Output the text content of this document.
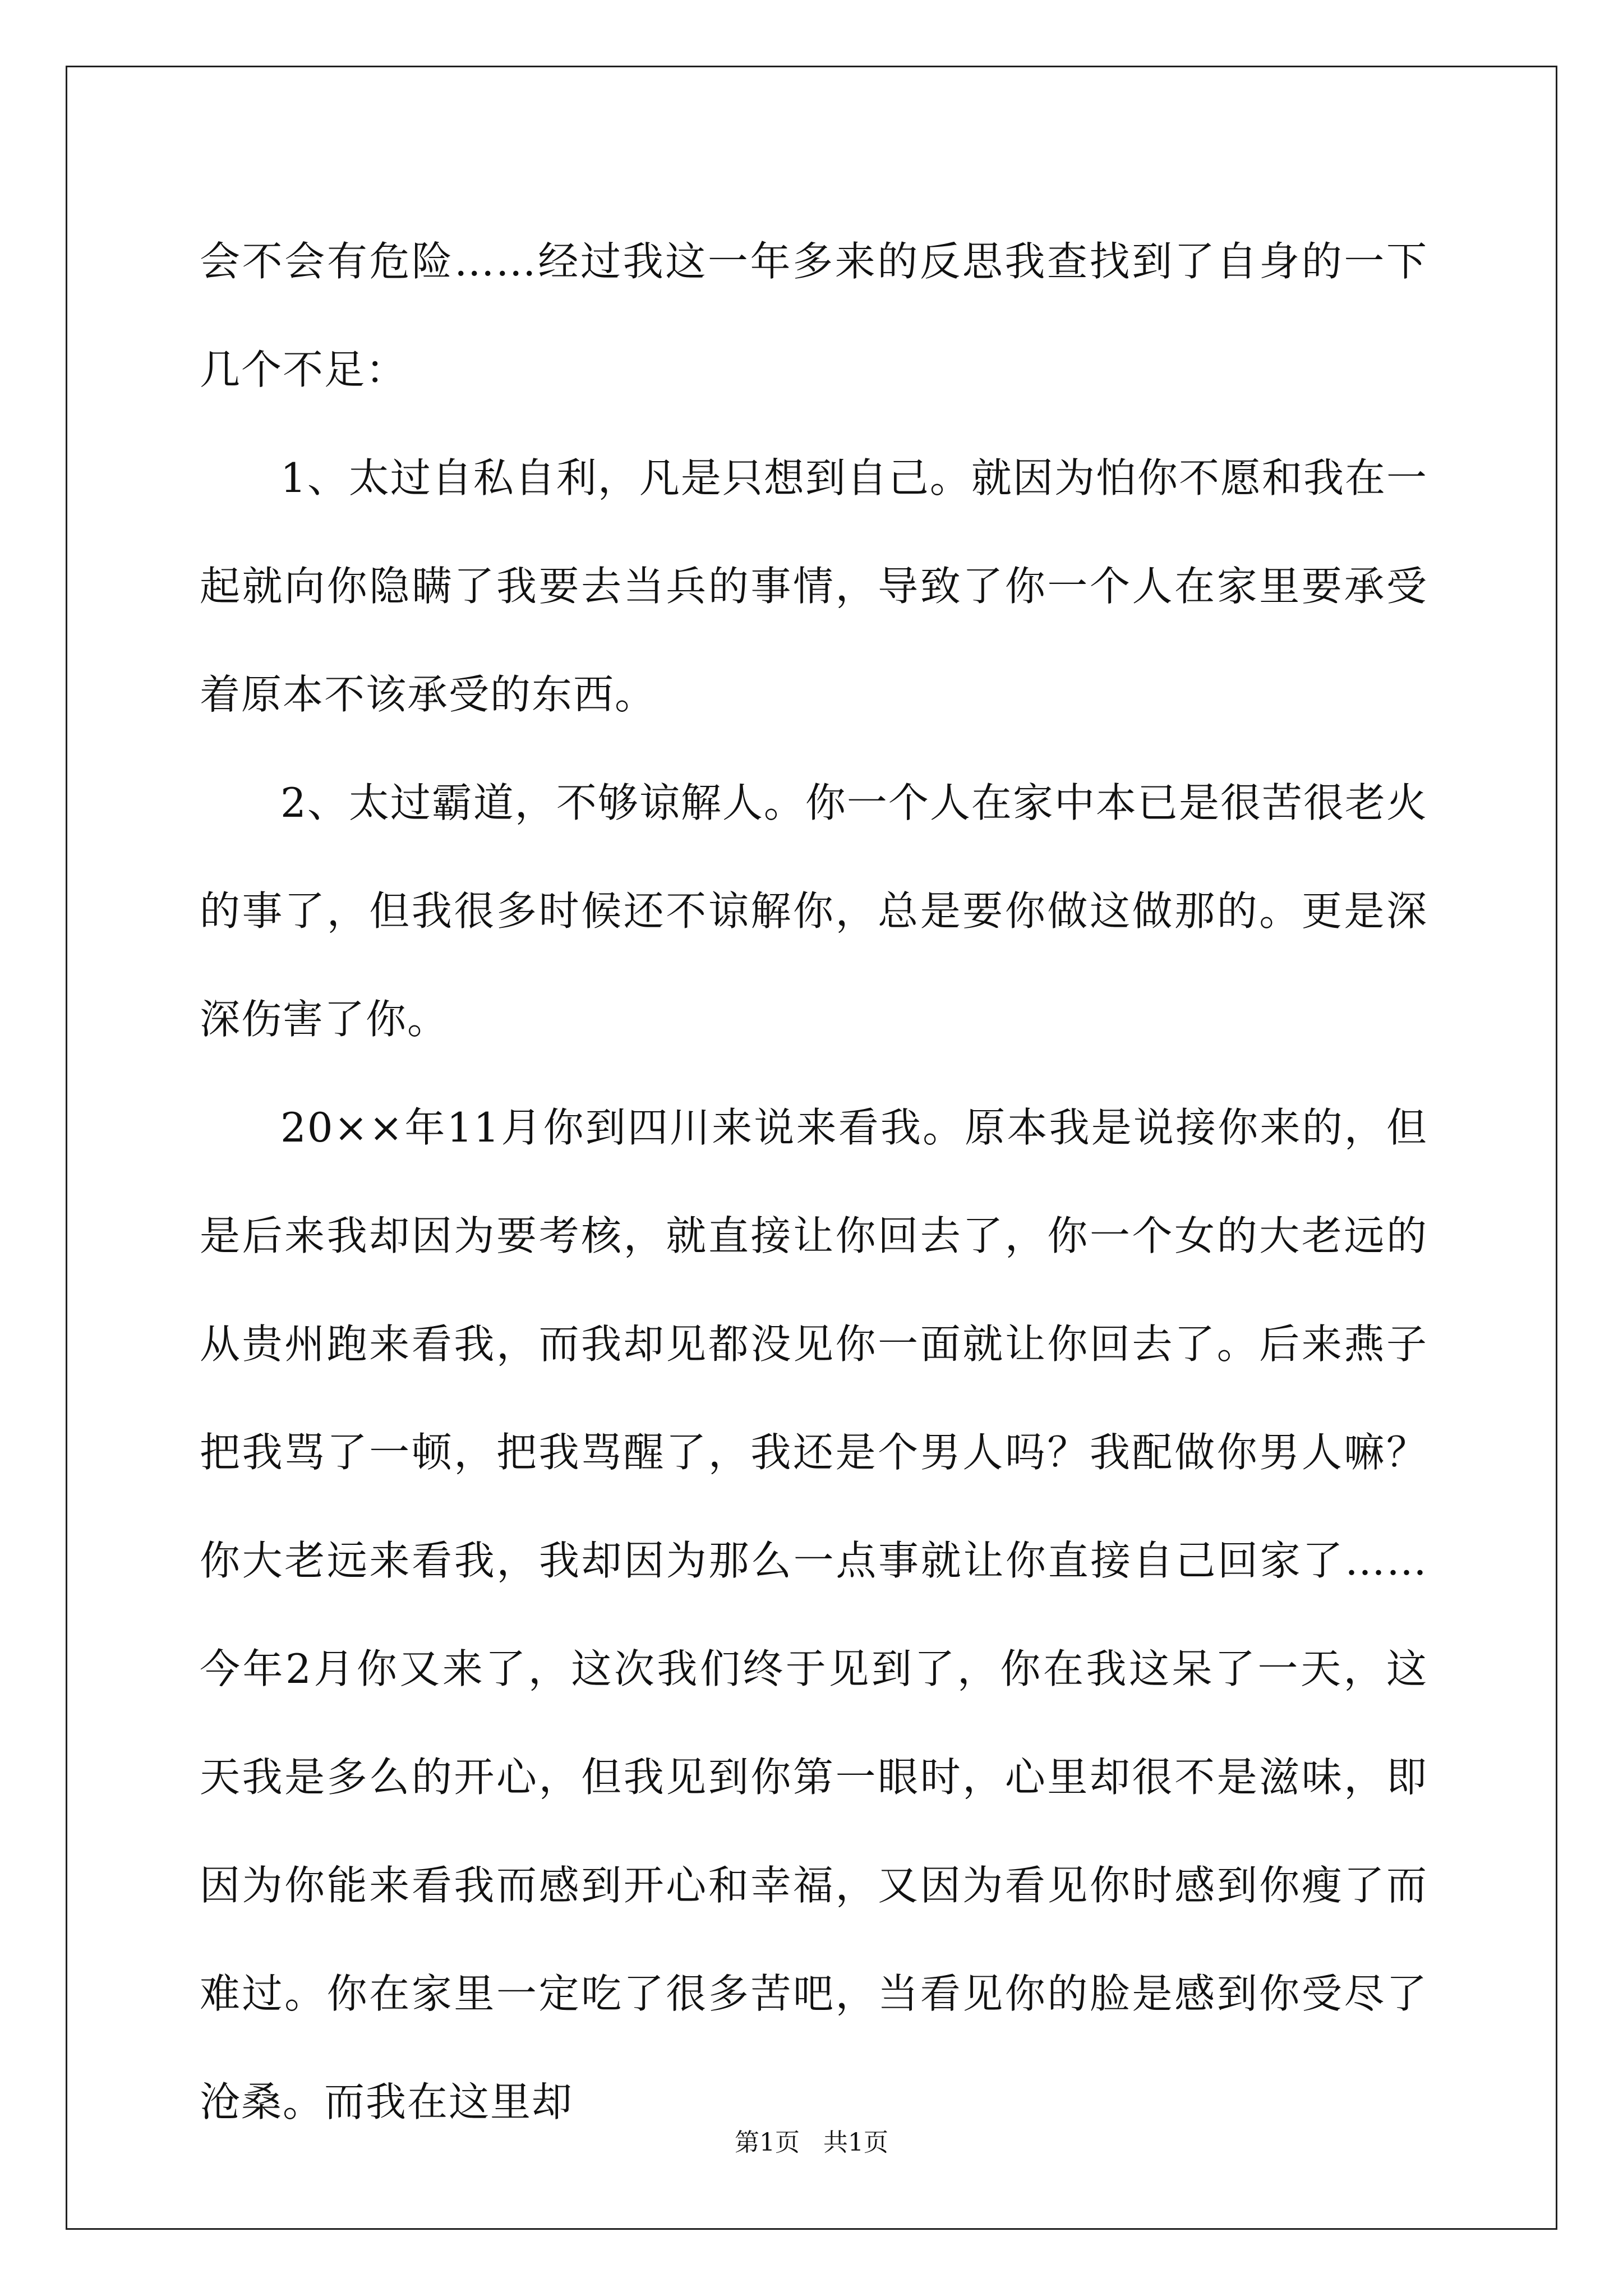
会不会有危险……经过我这一年多来的反思我查找到了自身的一下几个不足：

1、太过自私自利，凡是只想到自己。就因为怕你不愿和我在一起就向你隐瞒了我要去当兵的事情，导致了你一个人在家里要承受着原本不该承受的东西。

2、太过霸道，不够谅解人。你一个人在家中本已是很苦很老火的事了，但我很多时候还不谅解你，总是要你做这做那的。更是深深伤害了你。

20××年11月你到四川来说来看我。原本我是说接你来的，但是后来我却因为要考核，就直接让你回去了，你一个女的大老远的从贵州跑来看我，而我却见都没见你一面就让你回去了。后来燕子把我骂了一顿，把我骂醒了，我还是个男人吗？我配做你男人嘛？你大老远来看我，我却因为那么一点事就让你直接自己回家了……今年2月你又来了，这次我们终于见到了，你在我这呆了一天，这天我是多么的开心，但我见到你第一眼时，心里却很不是滋味，即因为你能来看我而感到开心和幸福，又因为看见你时感到你瘦了而难过。你在家里一定吃了很多苦吧，当看见你的脸是感到你受尽了沧桑。而我在这里却

第1页   共1页
